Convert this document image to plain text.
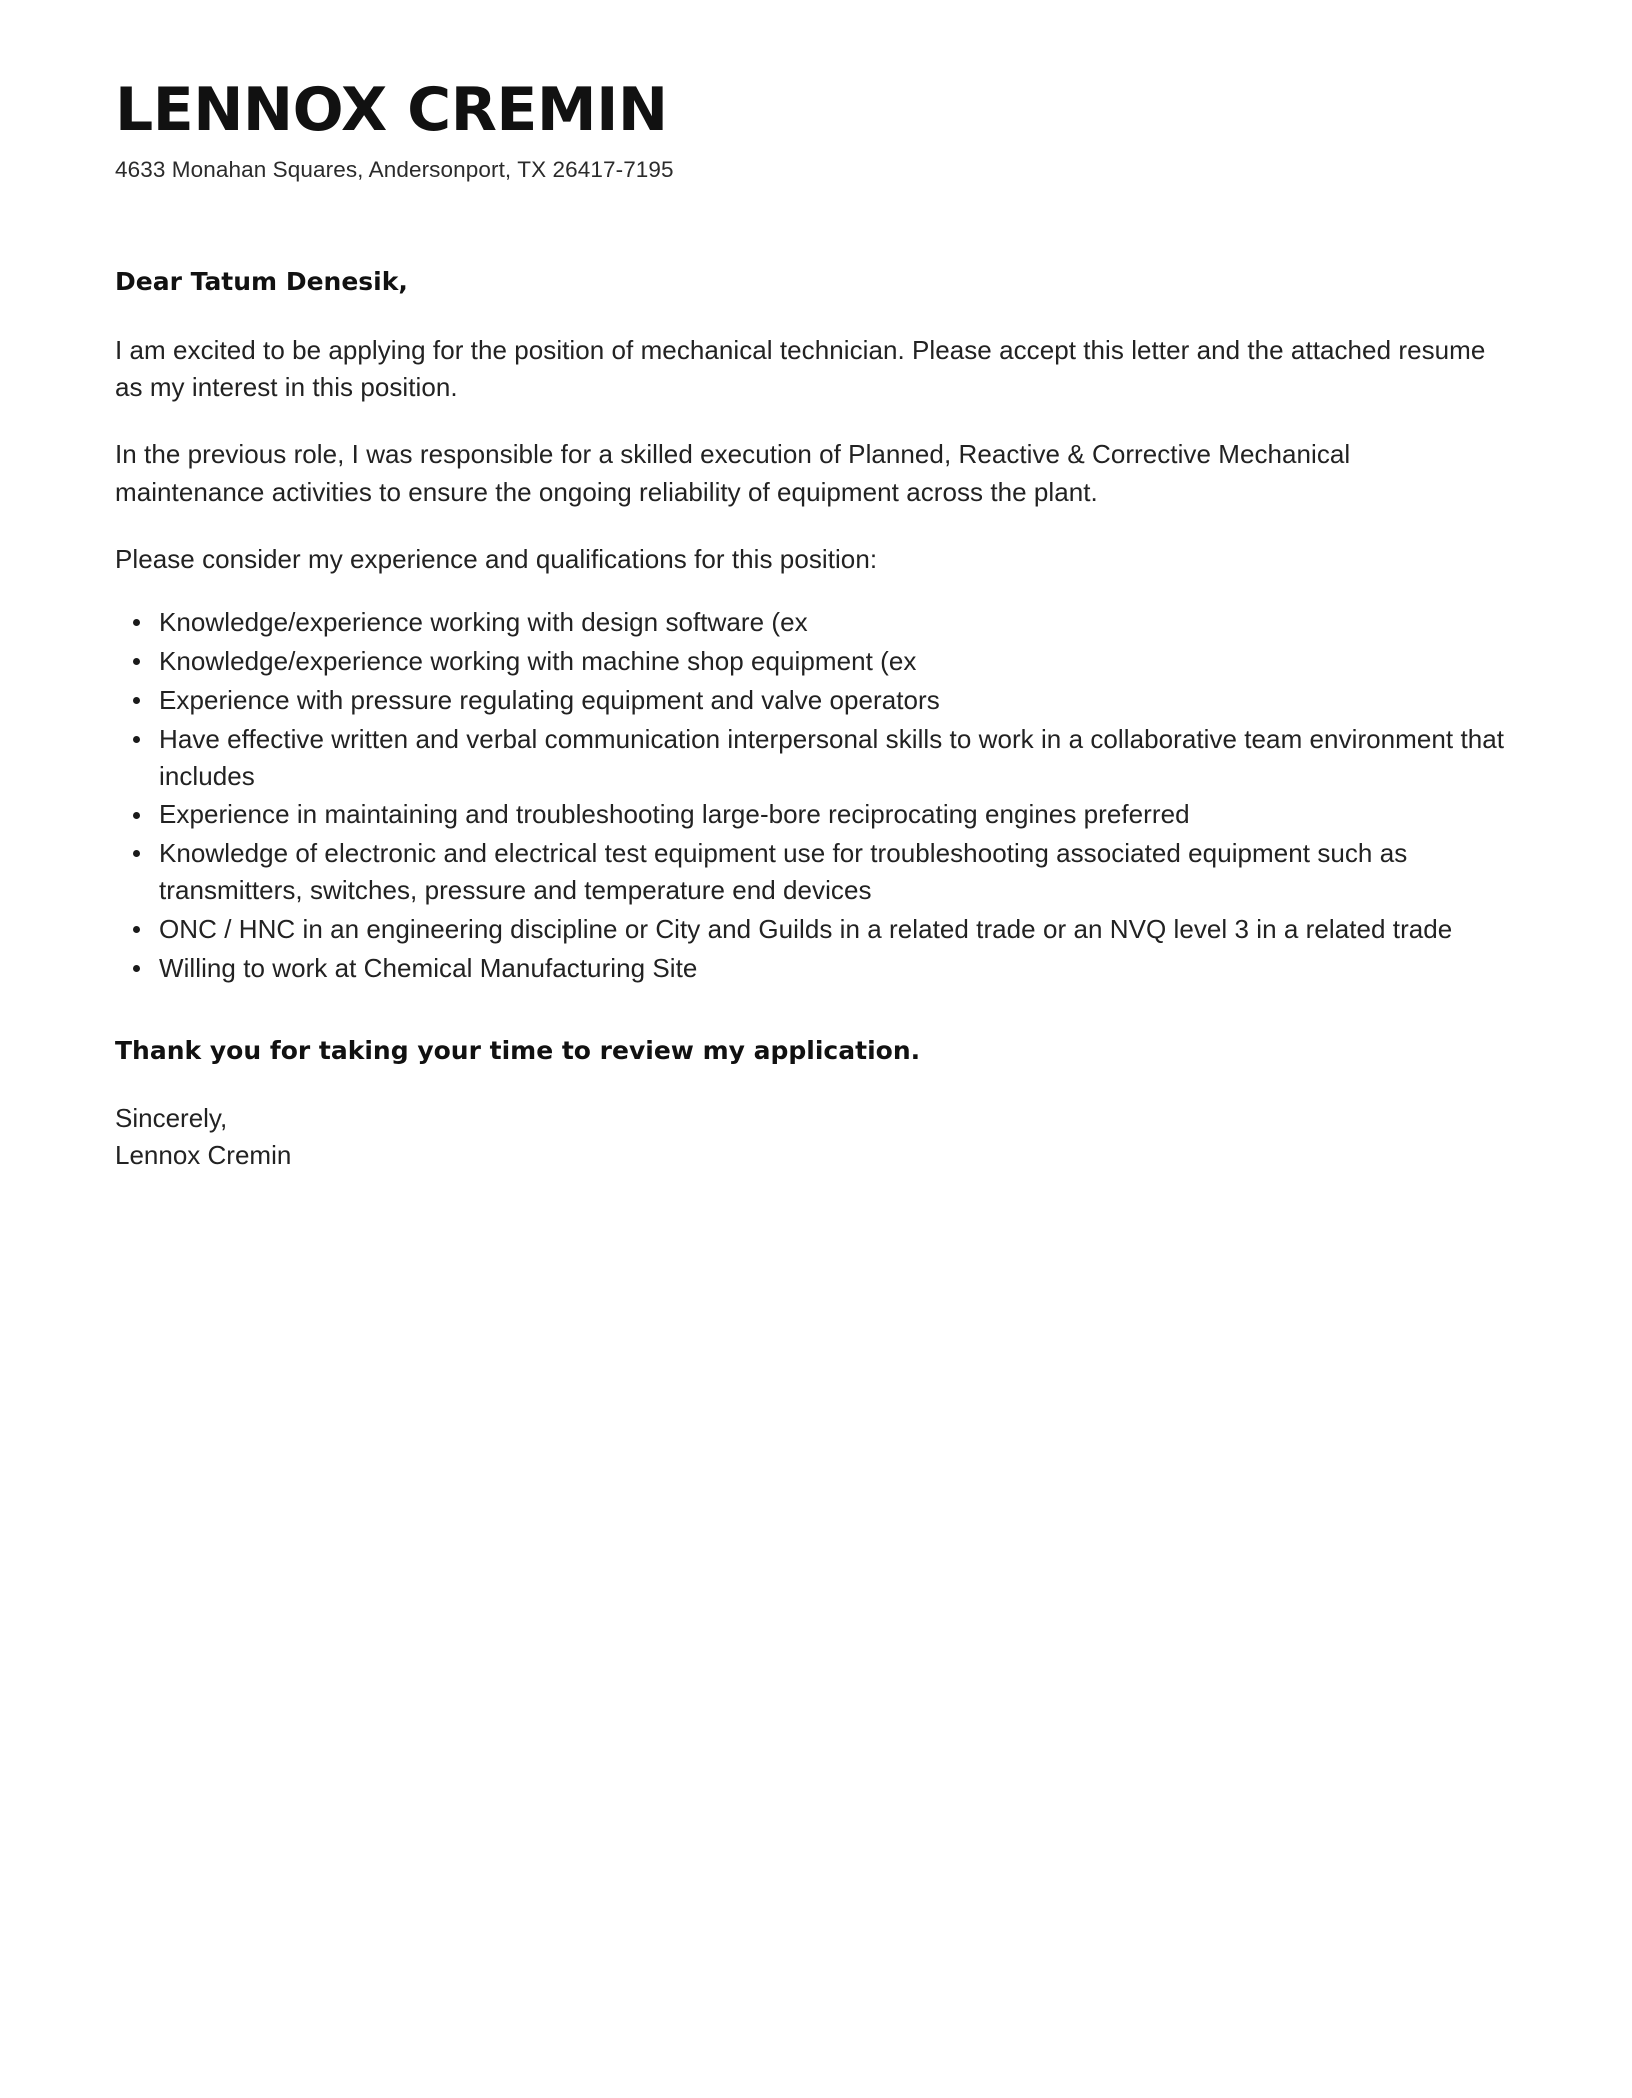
LENNOX CREMIN

4633 Monahan Squares, Andersonport, TX 26417-7195

Dear Tatum Denesik,

I am excited to be applying for the position of mechanical technician. Please accept this letter and the attached resume as my interest in this position.

In the previous role, I was responsible for a skilled execution of Planned, Reactive & Corrective Mechanical maintenance activities to ensure the ongoing reliability of equipment across the plant.

Please consider my experience and qualifications for this position:

Knowledge/experience working with design software (ex
Knowledge/experience working with machine shop equipment (ex
Experience with pressure regulating equipment and valve operators
Have effective written and verbal communication interpersonal skills to work in a collaborative team environment that includes
Experience in maintaining and troubleshooting large-bore reciprocating engines preferred
Knowledge of electronic and electrical test equipment use for troubleshooting associated equipment such as transmitters, switches, pressure and temperature end devices
ONC / HNC in an engineering discipline or City and Guilds in a related trade or an NVQ level 3 in a related trade
Willing to work at Chemical Manufacturing Site

Thank you for taking your time to review my application.

Sincerely,
Lennox Cremin
